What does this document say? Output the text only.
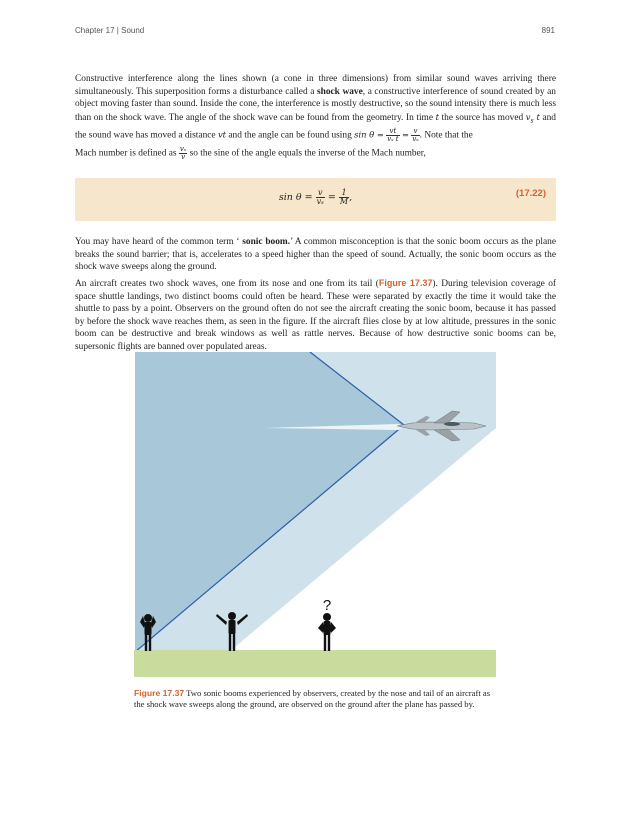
Chapter 17 | Sound	891

Constructive interference along the lines shown (a cone in three dimensions) from similar sound waves arriving there simultaneously. This superposition forms a disturbance called a shock wave, a constructive interference of sound created by an object moving faster than sound. Inside the cone, the interference is mostly destructive, so the sound intensity there is much less than on the shock wave. The angle of the shock wave can be found from the geometry. In time t the source has moved $v_s$ t and the sound wave has moved a distance vt and the angle can be found using $\sin \theta = \frac{vt}{\text{vₛ t}} = \frac{v}{\text{vₛ}}$ . Note that the

Mach number is defined as $\frac{\text{vₛ}}{v}$ so the sine of the angle equals the inverse of the Mach number,

$\sin \theta = \frac{v}{\text{vₛ}} = \frac{1}{M}$ ,	(17.22)

You may have heard of the common term ‘ sonic boom.’ A common misconception is that the sonic boom occurs as the plane breaks the sound barrier; that is, accelerates to a speed higher than the speed of sound. Actually, the sonic boom occurs as the shock wave sweeps along the ground.

An aircraft creates two shock waves, one from its nose and one from its tail (Figure 17.37). During television coverage of space shuttle landings, two distinct booms could often be heard. These were separated by exactly the time it would take the shuttle to pass by a point. Observers on the ground often do not see the aircraft creating the sonic boom, because it has passed by before the shock wave reaches them, as seen in the figure. If the aircraft flies close by at low altitude, pressures in the sonic boom can be destructive and break windows as well as rattle nerves. Because of how destructive sonic booms can be, supersonic flights are banned over populated areas.

?

Figure 17.37 Two sonic booms experienced by observers, created by the nose and tail of an aircraft as the shock wave sweeps along the ground, are observed on the ground after the plane has passed by.
